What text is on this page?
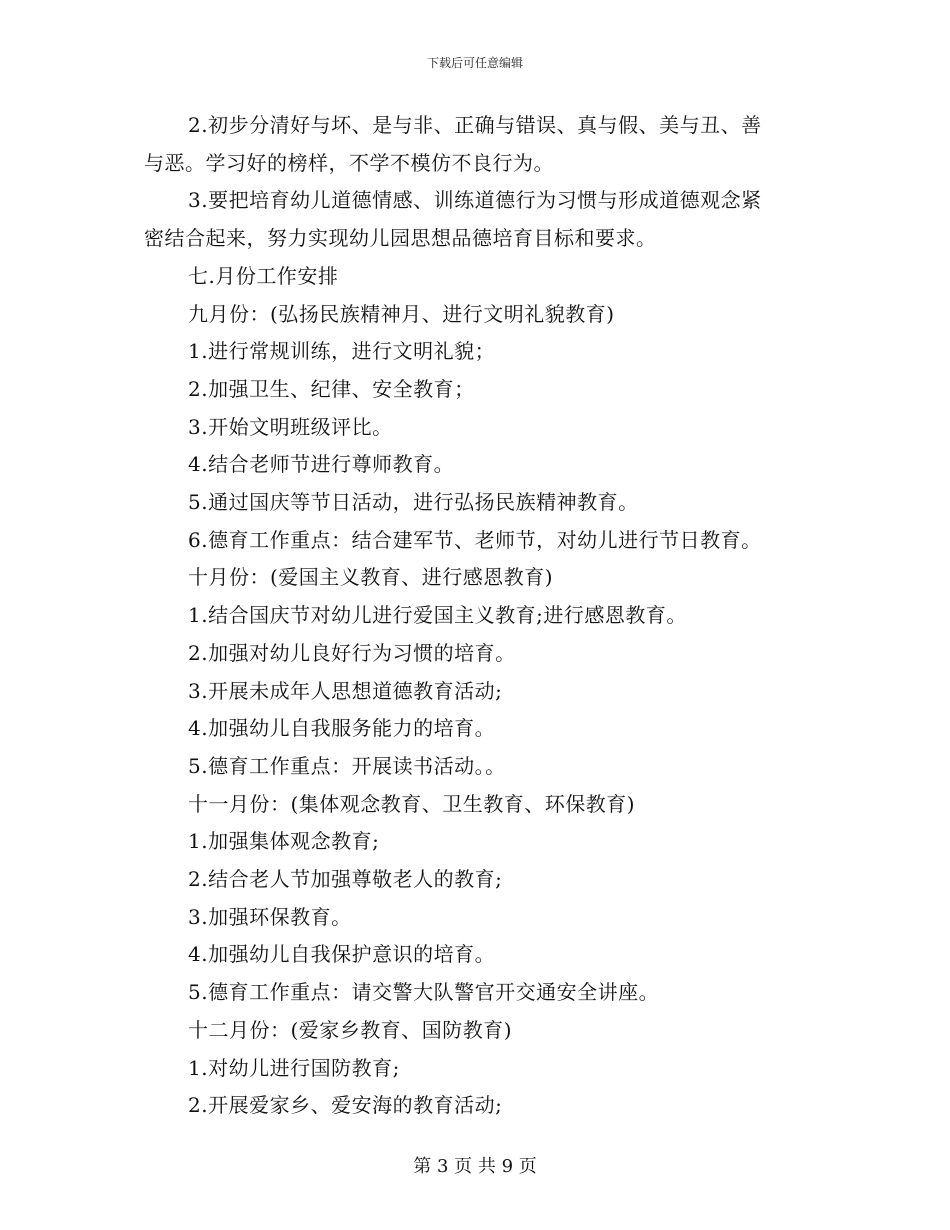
下载后可任意编辑
2.初步分清好与坏、是与非、正确与错误、真与假、美与丑、善
与恶。学习好的榜样，不学不模仿不良行为。
3.要把培育幼儿道德情感、训练道德行为习惯与形成道德观念紧
密结合起来，努力实现幼儿园思想品德培育目标和要求。
七.月份工作安排
九月份：(弘扬民族精神月、进行文明礼貌教育)
1.进行常规训练，进行文明礼貌；
2.加强卫生、纪律、安全教育；
3.开始文明班级评比。
4.结合老师节进行尊师教育。
5.通过国庆等节日活动，进行弘扬民族精神教育。
6.德育工作重点：结合建军节、老师节，对幼儿进行节日教育。
十月份：(爱国主义教育、进行感恩教育)
1.结合国庆节对幼儿进行爱国主义教育;进行感恩教育。
2.加强对幼儿良好行为习惯的培育。
3.开展未成年人思想道德教育活动;
4.加强幼儿自我服务能力的培育。
5.德育工作重点：开展读书活动。。
十一月份：(集体观念教育、卫生教育、环保教育)
1.加强集体观念教育;
2.结合老人节加强尊敬老人的教育;
3.加强环保教育。
4.加强幼儿自我保护意识的培育。
5.德育工作重点：请交警大队警官开交通安全讲座。
十二月份：(爱家乡教育、国防教育)
1.对幼儿进行国防教育;
2.开展爱家乡、爱安海的教育活动;
第 3 页 共 9 页
